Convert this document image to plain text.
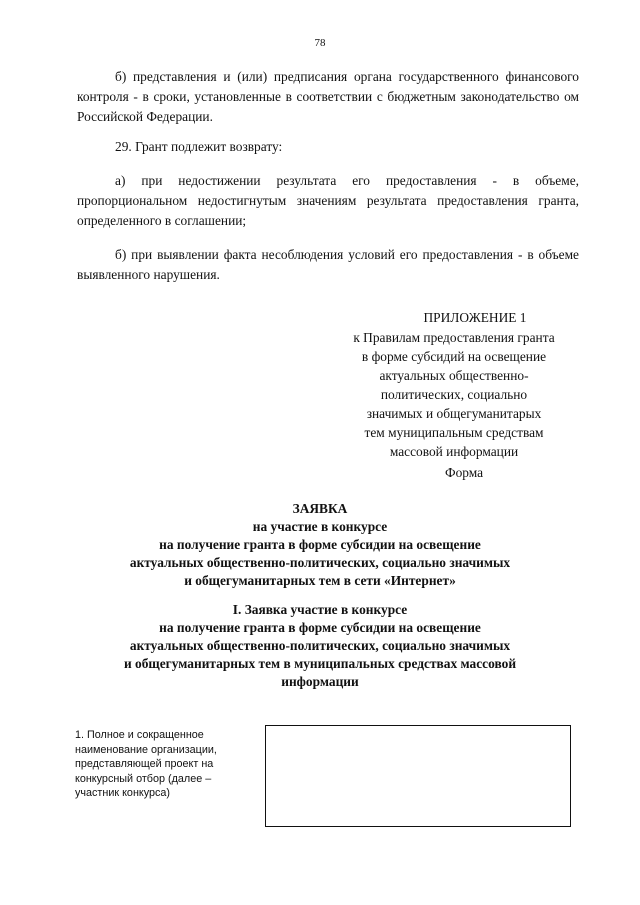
78

б) представления и (или) предписания органа государственного финансового контроля - в сроки, установленные в соответствии с бюджетным законодательство ом Российской Федерации.

29. Грант подлежит возврату:

а) при недостижении результата его предоставления - в объеме, пропорциональном недостигнутым значениям результата предоставления гранта, определенного в соглашении;

б) при выявлении факта несоблюдения условий его предоставления - в объеме выявленного нарушения.

ПРИЛОЖЕНИЕ 1
к Правилам предоставления гранта
в форме субсидий на освещение
актуальных общественно-
политических, социально
значимых и общегуманитарых
тем муниципальным средствам
массовой информации
Форма
ЗАЯВКА
на участие в конкурсе
на получение гранта в форме субсидии на освещение
актуальных общественно-политических, социально значимых
и общегуманитарных тем в сети «Интернет»
I. Заявка участие в конкурсе
на получение гранта в форме субсидии на освещение
актуальных общественно-политических, социально значимых
и общегуманитарных тем в муниципальных средствах массовой
информации
1. Полное и сокращенное
наименование организации,
представляющей проект на
конкурсный отбор (далее –
участник конкурса)
